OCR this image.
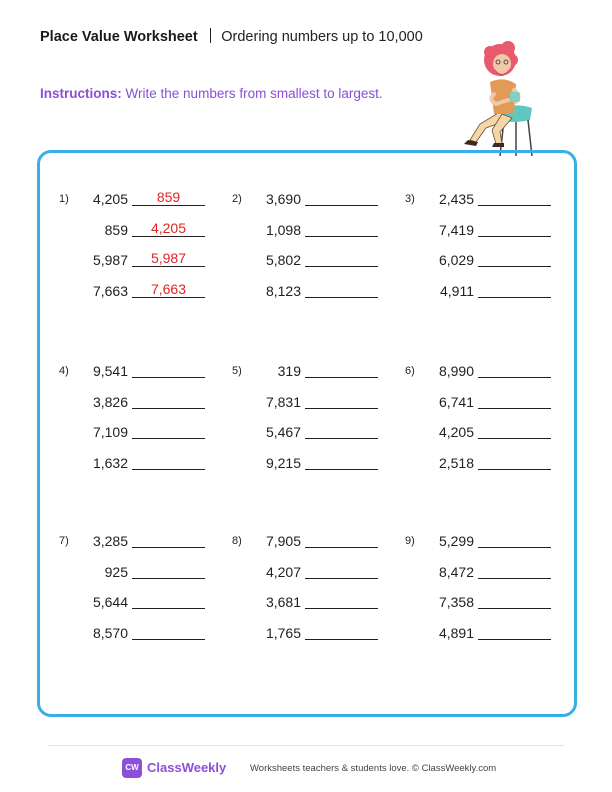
Place Value Worksheet Ordering numbers up to 10,000
Instructions: Write the numbers from smallest to largest.
1) 4,205	859
859	4,205
5,987	5,987
7,663	7,663
2) 3,690
1,098
5,802
8,123
3) 2,435
7,419
6,029
4,911
4) 9,541
3,826
7,109
1,632
5)	319
7,831
5,467
9,215
6) 8,990
6,741
4,205
2,518
7) 3,285
925
5,644
8,570
8) 7,905
4,207
3,681
1,765
9) 5,299
8,472
7,358
4,891
CW ClassWeekly Worksheets teachers & students love. © ClassWeekly.com
